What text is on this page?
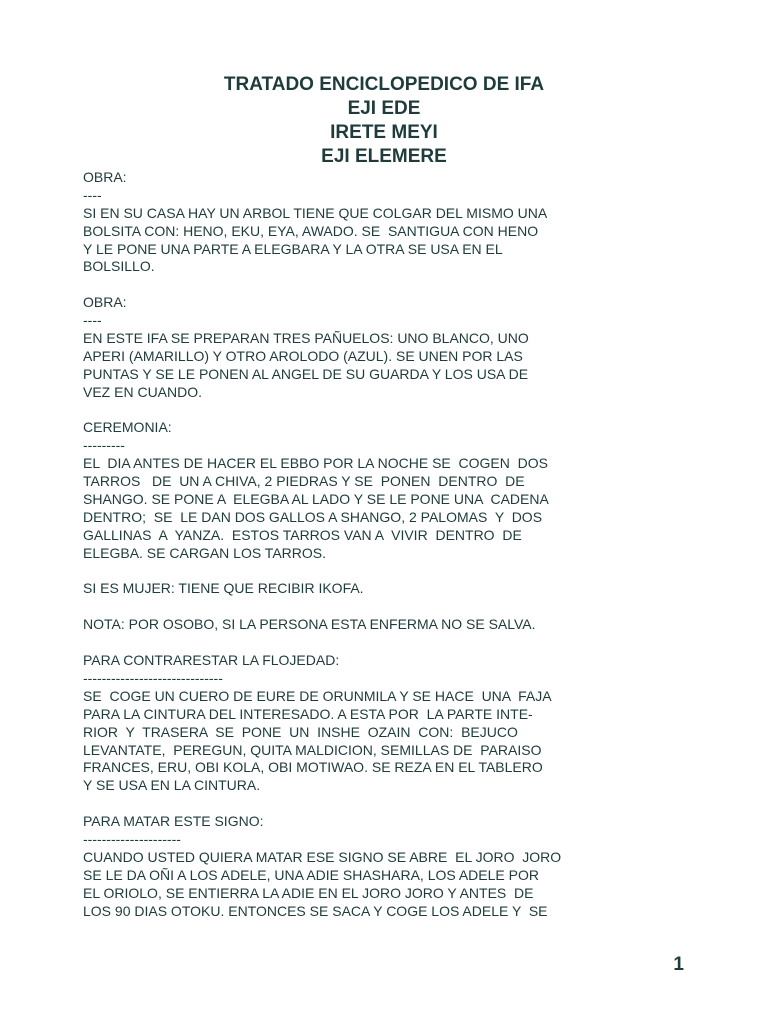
TRATADO ENCICLOPEDICO DE IFA
EJI EDE
IRETE MEYI
EJI ELEMERE
OBRA:
----
SI EN SU CASA HAY UN ARBOL TIENE QUE COLGAR DEL MISMO UNA
BOLSITA CON: HENO, EKU, EYA, AWADO. SE  SANTIGUA CON HENO
Y LE PONE UNA PARTE A ELEGBARA Y LA OTRA SE USA EN EL
BOLSILLO.
OBRA:
----
EN ESTE IFA SE PREPARAN TRES PAÑUELOS: UNO BLANCO, UNO
APERI (AMARILLO) Y OTRO AROLODO (AZUL). SE UNEN POR LAS
PUNTAS Y SE LE PONEN AL ANGEL DE SU GUARDA Y LOS USA DE
VEZ EN CUANDO.
CEREMONIA:
---------
EL  DIA ANTES DE HACER EL EBBO POR LA NOCHE SE  COGEN  DOS
TARROS   DE  UN A CHIVA, 2 PIEDRAS Y SE  PONEN  DENTRO  DE
SHANGO. SE PONE A  ELEGBA AL LADO Y SE LE PONE UNA  CADENA
DENTRO;  SE  LE DAN DOS GALLOS A SHANGO, 2 PALOMAS  Y  DOS
GALLINAS  A  YANZA.  ESTOS TARROS VAN A  VIVIR  DENTRO  DE
ELEGBA. SE CARGAN LOS TARROS.
SI ES MUJER: TIENE QUE RECIBIR IKOFA.
NOTA: POR OSOBO, SI LA PERSONA ESTA ENFERMA NO SE SALVA.
PARA CONTRARESTAR LA FLOJEDAD:
------------------------------
SE  COGE UN CUERO DE EURE DE ORUNMILA Y SE HACE  UNA  FAJA
PARA LA CINTURA DEL INTERESADO. A ESTA POR  LA PARTE INTE-
RIOR  Y  TRASERA  SE  PONE  UN  INSHE  OZAIN  CON:  BEJUCO
LEVANTATE,  PEREGUN, QUITA MALDICION, SEMILLAS DE  PARAISO
FRANCES, ERU, OBI KOLA, OBI MOTIWAO. SE REZA EN EL TABLERO
Y SE USA EN LA CINTURA.
PARA MATAR ESTE SIGNO:
---------------------
CUANDO USTED QUIERA MATAR ESE SIGNO SE ABRE  EL JORO  JORO
SE LE DA OÑI A LOS ADELE, UNA ADIE SHASHARA, LOS ADELE POR
EL ORIOLO, SE ENTIERRA LA ADIE EN EL JORO JORO Y ANTES  DE
LOS 90 DIAS OTOKU. ENTONCES SE SACA Y COGE LOS ADELE Y  SE
1
